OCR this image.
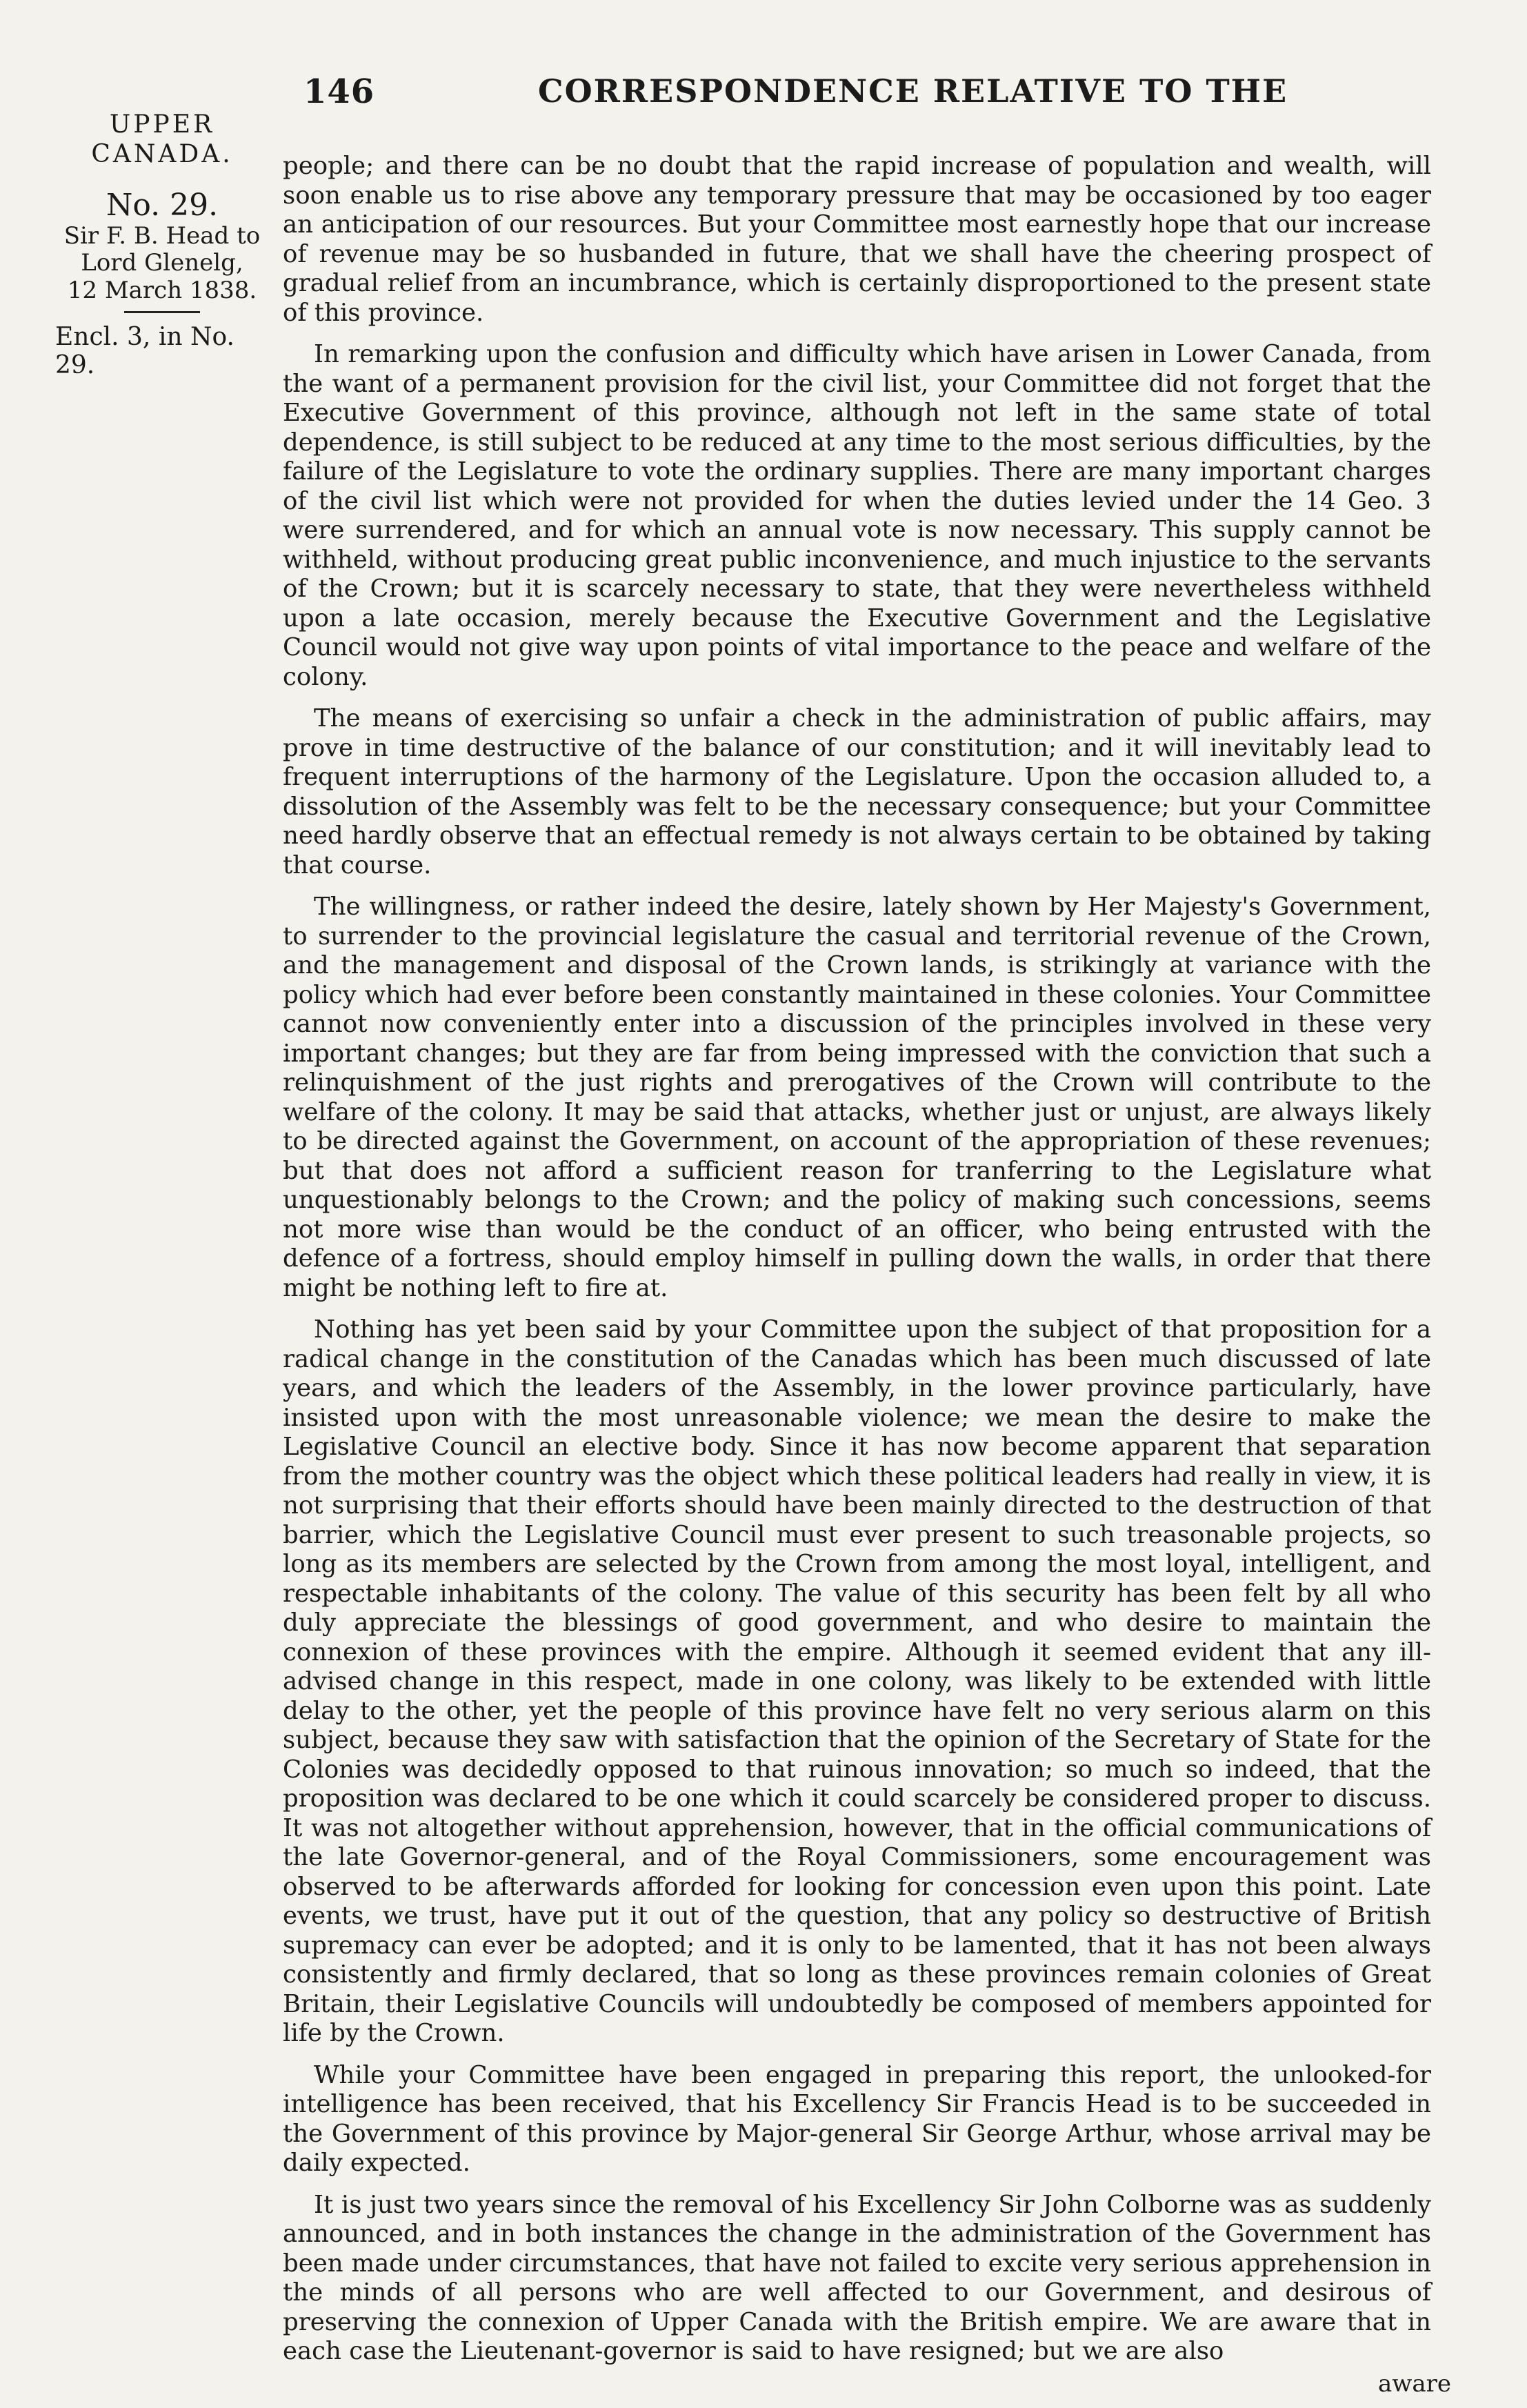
146	CORRESPONDENCE RELATIVE TO THE
UPPER
CANADA.
No. 29.
Sir F. B. Head to
Lord Glenelg,
12 March 1838.
Encl. 3, in No. 29.

people; and there can be no doubt that the rapid increase of population and wealth, will soon enable us to rise above any temporary pressure that may be occasioned by too eager an anticipation of our resources. But your Committee most earnestly hope that our increase of revenue may be so husbanded in future, that we shall have the cheering prospect of gradual relief from an incumbrance, which is certainly disproportioned to the present state of this province.

In remarking upon the confusion and difficulty which have arisen in Lower Canada, from the want of a permanent provision for the civil list, your Committee did not forget that the Executive Government of this province, although not left in the same state of total dependence, is still subject to be reduced at any time to the most serious difficulties, by the failure of the Legislature to vote the ordinary supplies. There are many important charges of the civil list which were not provided for when the duties levied under the 14 Geo. 3 were surrendered, and for which an annual vote is now necessary. This supply cannot be withheld, without producing great public inconvenience, and much injustice to the servants of the Crown; but it is scarcely necessary to state, that they were nevertheless withheld upon a late occasion, merely because the Executive Government and the Legislative Council would not give way upon points of vital importance to the peace and welfare of the colony.

The means of exercising so unfair a check in the administration of public affairs, may prove in time destructive of the balance of our constitution; and it will inevitably lead to frequent interruptions of the harmony of the Legislature. Upon the occasion alluded to, a dissolution of the Assembly was felt to be the necessary consequence; but your Committee need hardly observe that an effectual remedy is not always certain to be obtained by taking that course.

The willingness, or rather indeed the desire, lately shown by Her Majesty's Government, to surrender to the provincial legislature the casual and territorial revenue of the Crown, and the management and disposal of the Crown lands, is strikingly at variance with the policy which had ever before been constantly maintained in these colonies. Your Committee cannot now conveniently enter into a discussion of the principles involved in these very important changes; but they are far from being impressed with the conviction that such a relinquishment of the just rights and prerogatives of the Crown will contribute to the welfare of the colony. It may be said that attacks, whether just or unjust, are always likely to be directed against the Government, on account of the appropriation of these revenues; but that does not afford a sufficient reason for tranferring to the Legislature what unquestionably belongs to the Crown; and the policy of making such concessions, seems not more wise than would be the conduct of an officer, who being entrusted with the defence of a fortress, should employ himself in pulling down the walls, in order that there might be nothing left to fire at.

Nothing has yet been said by your Committee upon the subject of that proposition for a radical change in the constitution of the Canadas which has been much discussed of late years, and which the leaders of the Assembly, in the lower province particularly, have insisted upon with the most unreasonable violence; we mean the desire to make the Legislative Council an elective body. Since it has now become apparent that separation from the mother country was the object which these political leaders had really in view, it is not surprising that their efforts should have been mainly directed to the destruction of that barrier, which the Legislative Council must ever present to such treasonable projects, so long as its members are selected by the Crown from among the most loyal, intelligent, and respectable inhabitants of the colony. The value of this security has been felt by all who duly appreciate the blessings of good government, and who desire to maintain the connexion of these provinces with the empire. Although it seemed evident that any ill-advised change in this respect, made in one colony, was likely to be extended with little delay to the other, yet the people of this province have felt no very serious alarm on this subject, because they saw with satisfaction that the opinion of the Secretary of State for the Colonies was decidedly opposed to that ruinous innovation; so much so indeed, that the proposition was declared to be one which it could scarcely be considered proper to discuss. It was not altogether without apprehension, however, that in the official communications of the late Governor-general, and of the Royal Commissioners, some encouragement was observed to be afterwards afforded for looking for concession even upon this point. Late events, we trust, have put it out of the question, that any policy so destructive of British supremacy can ever be adopted; and it is only to be lamented, that it has not been always consistently and firmly declared, that so long as these provinces remain colonies of Great Britain, their Legislative Councils will undoubtedly be composed of members appointed for life by the Crown.

While your Committee have been engaged in preparing this report, the unlooked-for intelligence has been received, that his Excellency Sir Francis Head is to be succeeded in the Government of this province by Major-general Sir George Arthur, whose arrival may be daily expected.

It is just two years since the removal of his Excellency Sir John Colborne was as suddenly announced, and in both instances the change in the administration of the Government has been made under circumstances, that have not failed to excite very serious apprehension in the minds of all persons who are well affected to our Government, and desirous of preserving the connexion of Upper Canada with the British empire. We are aware that in each case the Lieutenant-governor is said to have resigned; but we are also

aware
